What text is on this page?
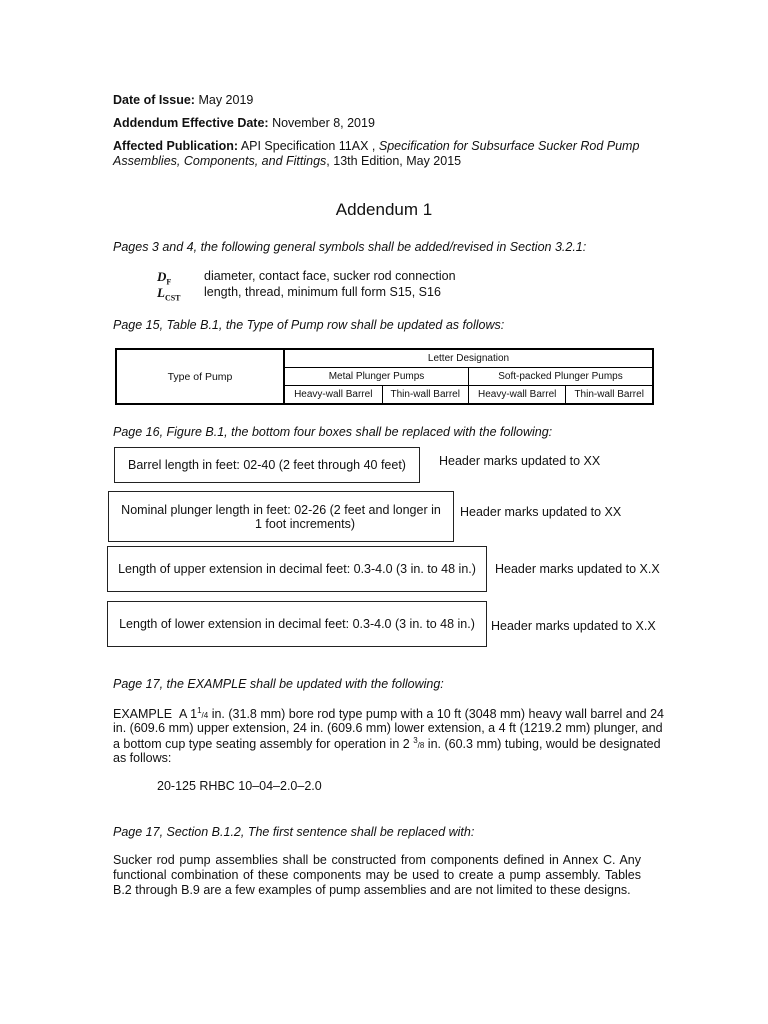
Date of Issue: May 2019
Addendum Effective Date: November 8, 2019
Affected Publication: API Specification 11AX , Specification for Subsurface Sucker Rod Pump
Assemblies, Components, and Fittings, 13th Edition, May 2015
Addendum 1
Pages 3 and 4, the following general symbols shall be added/revised in Section 3.2.1:
$D_F$	diameter, contact face, sucker rod connection
$L_{CST}$ length, thread, minimum full form S15, S16
Page 15, Table B.1, the Type of Pump row shall be updated as follows:
Type of Pump	Letter Designation			
	Metal Plunger Pumps		Soft-packed Plunger Pumps	
	Heavy-wall Barrel	Thin-wall Barrel	Heavy-wall Barrel	Thin-wall Barrel
Page 16, Figure B.1, the bottom four boxes shall be replaced with the following:
Barrel length in feet: 02-40 (2 feet through 40 feet)	Header marks updated to XX
Nominal plunger length in feet: 02-26 (2 feet and longer in
1 foot increments)
Header marks updated to XX
Length of upper extension in decimal feet: 0.3-4.0 (3 in. to 48 in.)	Header marks updated to X.X
Length of lower extension in decimal feet: 0.3-4.0 (3 in. to 48 in.)	Header marks updated to X.X
Page 17, the EXAMPLE shall be updated with the following:
EXAMPLE A $1^1/4$ in. (31.8 mm) bore rod type pump with a 10 ft (3048 mm) heavy wall barrel and 24
in. (609.6 mm) upper extension, 24 in. (609.6 mm) lower extension, a 4 ft (1219.2 mm) plunger, and
a bottom cup type seating assembly for operation in 2 $^3$/8 in. (60.3 mm) tubing, would be designated
as follows:
20-125 RHBC 10–04–2.0–2.0
Page 17, Section B.1.2, The first sentence shall be replaced with:
Sucker rod pump assemblies shall be constructed from components defined in Annex C. Any functional combination of these components may be used to create a pump assembly. Tables B.2 through B.9 are a few examples of pump assemblies and are not limited to these designs.
